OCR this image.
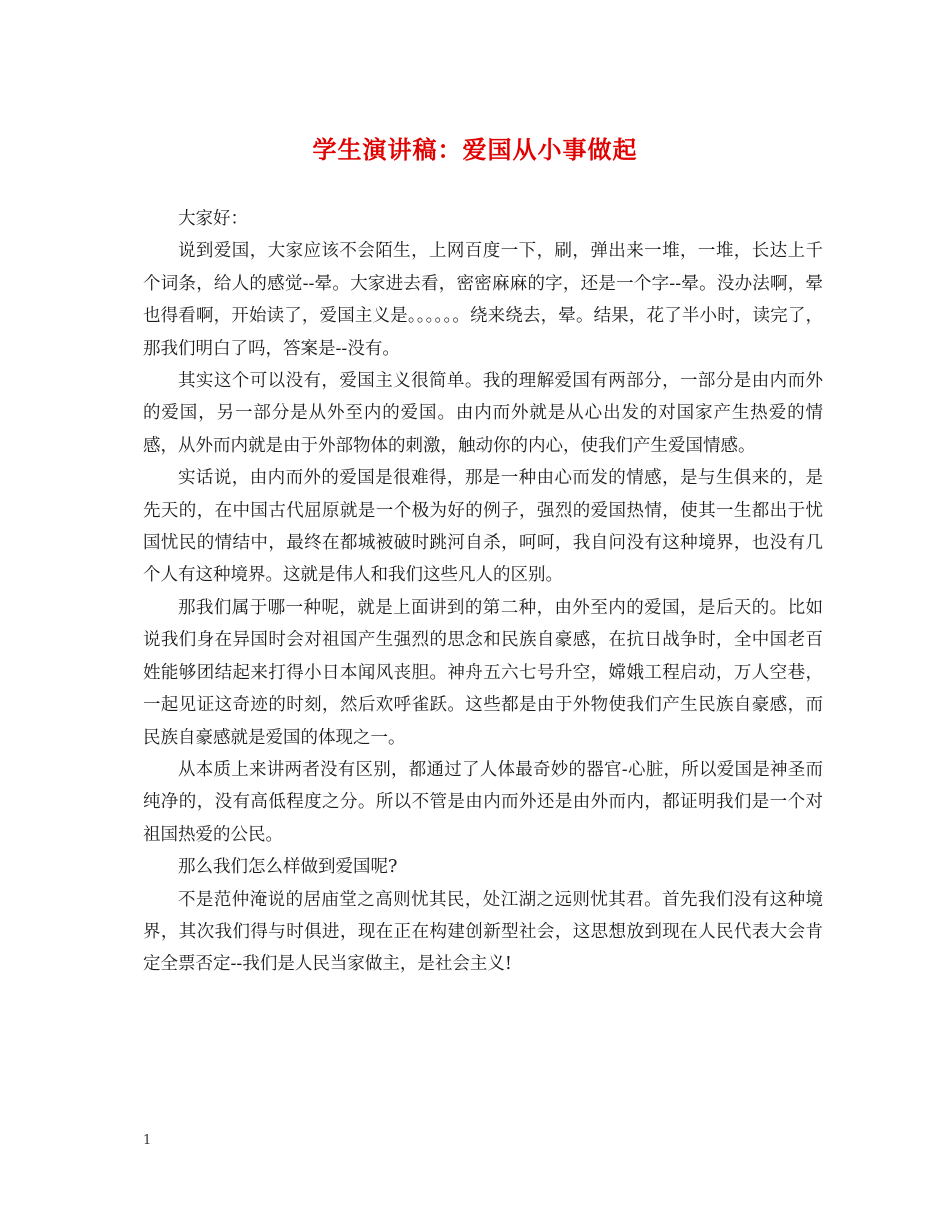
学生演讲稿：爱国从小事做起

大家好：

说到爱国，大家应该不会陌生，上网百度一下，刷，弹出来一堆，一堆，长达上千个词条，给人的感觉--晕。大家进去看，密密麻麻的字，还是一个字--晕。没办法啊，晕也得看啊，开始读了，爱国主义是。。。。。。绕来绕去，晕。结果，花了半小时，读完了，那我们明白了吗，答案是--没有。

其实这个可以没有，爱国主义很简单。我的理解爱国有两部分，一部分是由内而外的爱国，另一部分是从外至内的爱国。由内而外就是从心出发的对国家产生热爱的情感，从外而内就是由于外部物体的刺激，触动你的内心，使我们产生爱国情感。

实话说，由内而外的爱国是很难得，那是一种由心而发的情感，是与生俱来的，是先天的，在中国古代屈原就是一个极为好的例子，强烈的爱国热情，使其一生都出于忧国忧民的情结中，最终在都城被破时跳河自杀，呵呵，我自问没有这种境界，也没有几个人有这种境界。这就是伟人和我们这些凡人的区别。

那我们属于哪一种呢，就是上面讲到的第二种，由外至内的爱国，是后天的。比如说我们身在异国时会对祖国产生强烈的思念和民族自豪感，在抗日战争时，全中国老百姓能够团结起来打得小日本闻风丧胆。神舟五六七号升空，嫦娥工程启动，万人空巷，一起见证这奇迹的时刻，然后欢呼雀跃。这些都是由于外物使我们产生民族自豪感，而民族自豪感就是爱国的体现之一。

从本质上来讲两者没有区别，都通过了人体最奇妙的器官-心脏，所以爱国是神圣而纯净的，没有高低程度之分。所以不管是由内而外还是由外而内，都证明我们是一个对祖国热爱的公民。

那么我们怎么样做到爱国呢?

不是范仲淹说的居庙堂之高则忧其民，处江湖之远则忧其君。首先我们没有这种境界，其次我们得与时俱进，现在正在构建创新型社会，这思想放到现在人民代表大会肯定全票否定--我们是人民当家做主，是社会主义!

1
